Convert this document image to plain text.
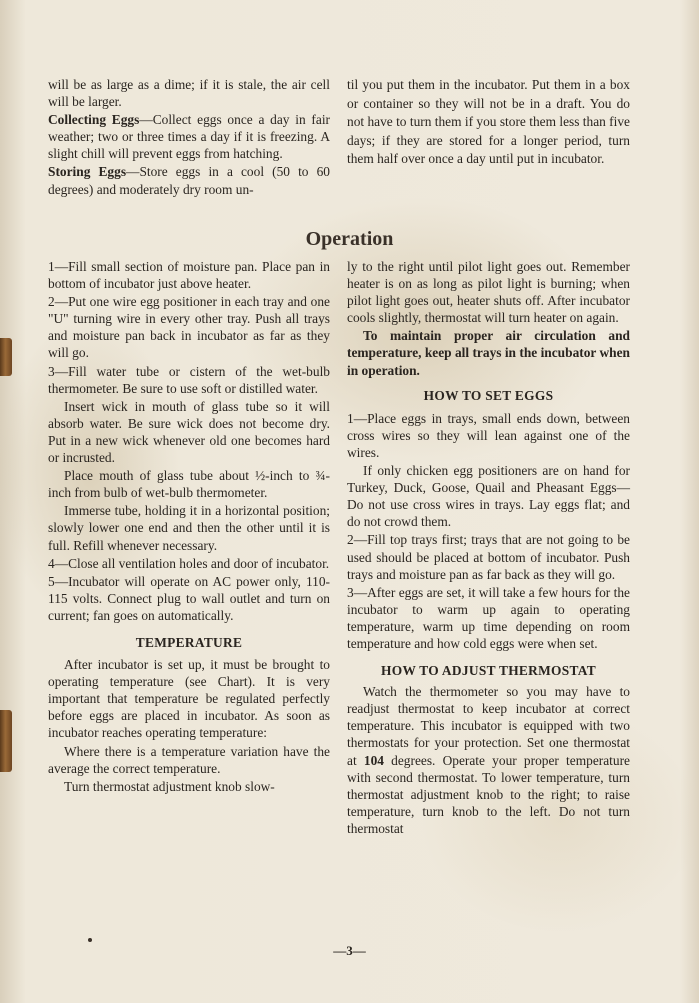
will be as large as a dime; if it is stale, the air cell will be larger.

Collecting Eggs—Collect eggs once a day in fair weather; two or three times a day if it is freezing. A slight chill will prevent eggs from hatching.

Storing Eggs—Store eggs in a cool (50 to 60 degrees) and moderately dry room un-

til you put them in the incubator. Put them in a box or container so they will not be in a draft. You do not have to turn them if you store them less than five days; if they are stored for a longer period, turn them half over once a day until put in incubator.

Operation

1—Fill small section of moisture pan. Place pan in bottom of incubator just above heater.

2—Put one wire egg positioner in each tray and one "U" turning wire in every other tray. Push all trays and moisture pan back in incubator as far as they will go.

3—Fill water tube or cistern of the wet-bulb thermometer. Be sure to use soft or distilled water.

Insert wick in mouth of glass tube so it will absorb water. Be sure wick does not become dry. Put in a new wick whenever old one becomes hard or incrusted.

Place mouth of glass tube about ½-inch to ¾-inch from bulb of wet-bulb thermometer.

Immerse tube, holding it in a horizontal position; slowly lower one end and then the other until it is full. Refill whenever necessary.

4—Close all ventilation holes and door of incubator.

5—Incubator will operate on AC power only, 110-115 volts. Connect plug to wall outlet and turn on current; fan goes on automatically.

TEMPERATURE

After incubator is set up, it must be brought to operating temperature (see Chart). It is very important that temperature be regulated perfectly before eggs are placed in incubator. As soon as incubator reaches operating temperature:

Where there is a temperature variation have the average the correct temperature.

Turn thermostat adjustment knob slow-

ly to the right until pilot light goes out. Remember heater is on as long as pilot light is burning; when pilot light goes out, heater shuts off. After incubator cools slightly, thermostat will turn heater on again.

To maintain proper air circulation and temperature, keep all trays in the incubator when in operation.

HOW TO SET EGGS

1—Place eggs in trays, small ends down, between cross wires so they will lean against one of the wires.

If only chicken egg positioners are on hand for Turkey, Duck, Goose, Quail and Pheasant Eggs—Do not use cross wires in trays. Lay eggs flat; and do not crowd them.

2—Fill top trays first; trays that are not going to be used should be placed at bottom of incubator. Push trays and moisture pan as far back as they will go.

3—After eggs are set, it will take a few hours for the incubator to warm up again to operating temperature, warm up time depending on room temperature and how cold eggs were when set.

HOW TO ADJUST THERMOSTAT

Watch the thermometer so you may have to readjust thermostat to keep incubator at correct temperature. This incubator is equipped with two thermostats for your protection. Set one thermostat at 104 degrees. Operate your proper temperature with second thermostat. To lower temperature, turn thermostat adjustment knob to the right; to raise temperature, turn knob to the left. Do not turn thermostat

—3—
